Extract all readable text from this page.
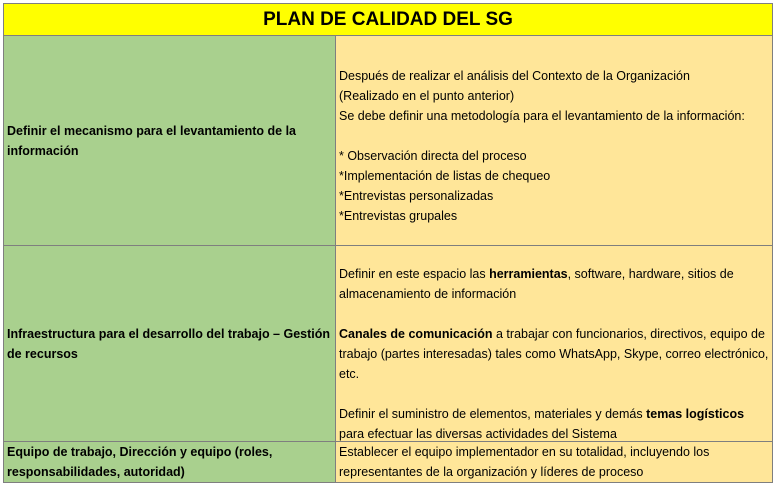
PLAN DE CALIDAD DEL SG
Definir el mecanismo para el levantamiento de la información

Después de realizar el análisis del Contexto de la Organización

(Realizado en el punto anterior)

Se debe definir una metodología para el levantamiento de la información:

* Observación directa del proceso

*Implementación de listas de chequeo

*Entrevistas personalizadas

*Entrevistas grupales

Infraestructura para el desarrollo del trabajo – Gestión de recursos

Definir en este espacio las herramientas, software, hardware, sitios de almacenamiento de información

Canales de comunicación a trabajar con funcionarios, directivos, equipo de trabajo (partes interesadas) tales como WhatsApp, Skype, correo electrónico, etc.

Definir el suministro de elementos, materiales y demás temas logísticos para efectuar las diversas actividades del Sistema

Equipo de trabajo, Dirección y equipo (roles, responsabilidades, autoridad)
Establecer el equipo implementador en su totalidad, incluyendo los representantes de la organización y líderes de proceso
